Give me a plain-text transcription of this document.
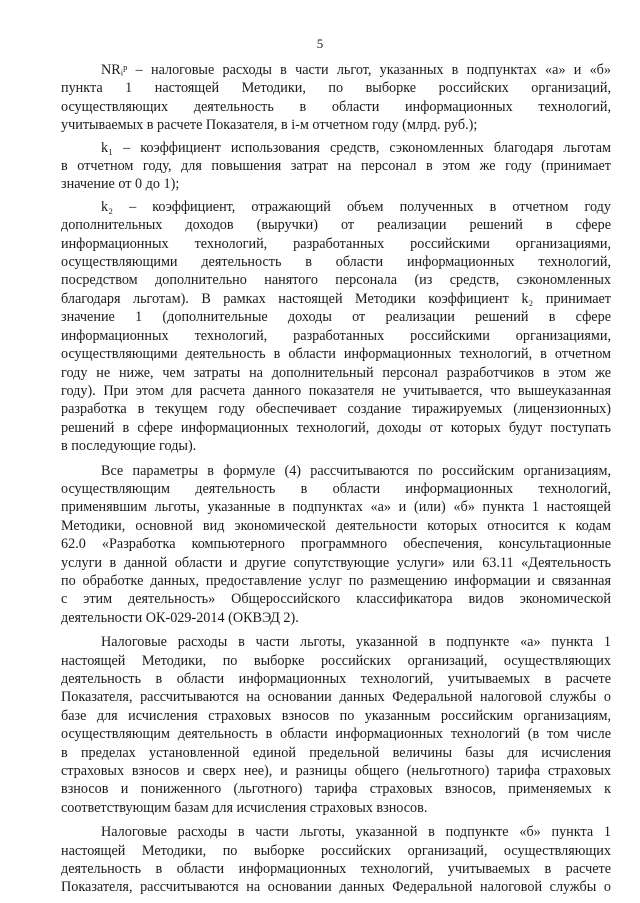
5
NRᵢᵖ – налоговые расходы в части льгот, указанных в подпунктах «а» и «б»
пункта 1 настоящей Методики, по выборке российских организаций,
осуществляющих деятельность в области информационных технологий,
учитываемых в расчете Показателя, в i-м отчетном году (млрд. руб.);
k₁ – коэффициент использования средств, сэкономленных благодаря льготам
в отчетном году, для повышения затрат на персонал в этом же году (принимает
значение от 0 до 1);
k₂ – коэффициент, отражающий объем полученных в отчетном году
дополнительных доходов (выручки) от реализации решений в сфере
информационных технологий, разработанных российскими организациями,
осуществляющими деятельность в области информационных технологий,
посредством дополнительно нанятого персонала (из средств, сэкономленных
благодаря льготам). В рамках настоящей Методики коэффициент k₂ принимает
значение 1 (дополнительные доходы от реализации решений в сфере
информационных технологий, разработанных российскими организациями,
осуществляющими деятельность в области информационных технологий, в отчетном
году не ниже, чем затраты на дополнительный персонал разработчиков в этом же
году). При этом для расчета данного показателя не учитывается, что вышеуказанная
разработка в текущем году обеспечивает создание тиражируемых (лицензионных)
решений в сфере информационных технологий, доходы от которых будут поступать
в последующие годы).
Все параметры в формуле (4) рассчитываются по российским организациям,
осуществляющим деятельность в области информационных технологий,
применявшим льготы, указанные в подпунктах «а» и (или) «б» пункта 1 настоящей
Методики, основной вид экономической деятельности которых относится к кодам
62.0 «Разработка компьютерного программного обеспечения, консультационные
услуги в данной области и другие сопутствующие услуги» или 63.11 «Деятельность
по обработке данных, предоставление услуг по размещению информации и связанная
с этим деятельность» Общероссийского классификатора видов экономической
деятельности ОК-029-2014 (ОКВЭД 2).
Налоговые расходы в части льготы, указанной в подпункте «а» пункта 1
настоящей Методики, по выборке российских организаций, осуществляющих
деятельность в области информационных технологий, учитываемых в расчете
Показателя, рассчитываются на основании данных Федеральной налоговой службы о
базе для исчисления страховых взносов по указанным российским организациям,
осуществляющим деятельность в области информационных технологий (в том числе
в пределах установленной единой предельной величины базы для исчисления
страховых взносов и сверх нее), и разницы общего (нельготного) тарифа страховых
взносов и пониженного (льготного) тарифа страховых взносов, применяемых к
соответствующим базам для исчисления страховых взносов.
Налоговые расходы в части льготы, указанной в подпункте «б» пункта 1
настоящей Методики, по выборке российских организаций, осуществляющих
деятельность в области информационных технологий, учитываемых в расчете
Показателя, рассчитываются на основании данных Федеральной налоговой службы о
